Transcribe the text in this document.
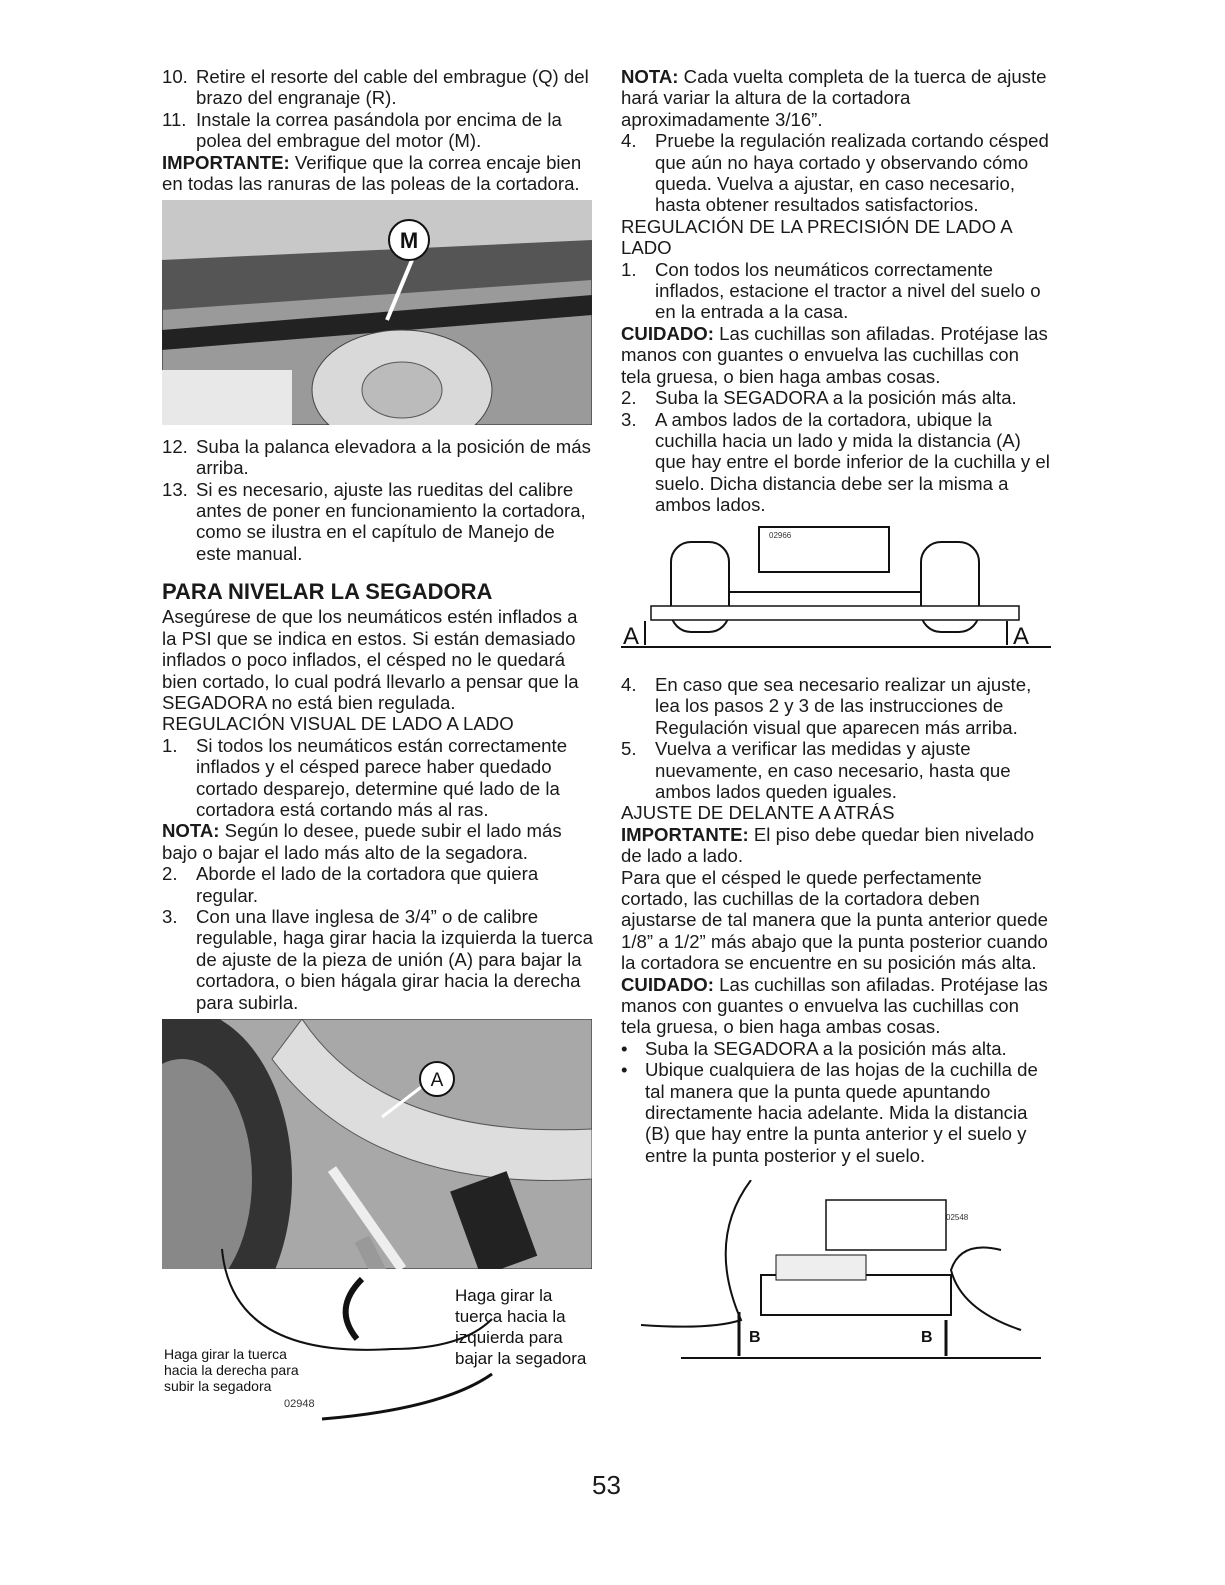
10. Retire el resorte del cable del embrague (Q) del brazo del engranaje (R).
11. Instale la correa pasándola por encima de la polea del embrague del motor (M).

IMPORTANTE: Verifique que la correa encaje bien en todas las ranuras de las poleas de la cortadora.

M
12. Suba la palanca elevadora a la posición de más arriba.
13. Si es necesario, ajuste las rueditas del calibre antes de poner en funcionamiento la cortadora, como se ilustra en el capítulo de Manejo de este manual.
PARA NIVELAR LA SEGADORA

Asegúrese de que los neumáticos estén inflados a la PSI que se indica en estos. Si están demasiado inflados o poco inflados, el césped no le quedará bien cortado, lo cual podrá llevarlo a pensar que la SEGADORA no está bien regulada.

REGULACIÓN VISUAL DE LADO A LADO

1. Si todos los neumáticos están correctamente inflados y el césped parece haber quedado cortado desparejo, determine qué lado de la cortadora está cortando más al ras.

NOTA: Según lo desee, puede subir el lado más bajo o bajar el lado más alto de la segadora.

2. Aborde el lado de la cortadora que quiera regular.
3. Con una llave inglesa de 3/4” o de calibre regulable, haga girar hacia la izquierda la tuerca de ajuste de la pieza de unión (A) para bajar la cortadora, o bien hágala girar hacia la derecha para subirla.
A
Haga girar la tuerca
hacia la derecha para
subir la segadora
Haga girar la
tuerca hacia la
izquierda para
bajar la segadora
02948

NOTA: Cada vuelta completa de la tuerca de ajuste hará variar la altura de la cortadora aproximadamente 3/16”.

4. Pruebe la regulación realizada cortando césped que aún no haya cortado y observando cómo queda. Vuelva a ajustar, en caso necesario, hasta obtener resultados satisfactorios.

REGULACIÓN DE LA PRECISIÓN DE LADO A LADO

1. Con todos los neumáticos correctamente inflados, estacione el tractor a nivel del suelo o en la entrada a la casa.

CUIDADO: Las cuchillas son afiladas. Protéjase las manos con guantes o envuelva las cuchillas con tela gruesa, o bien haga ambas cosas.

2. Suba la SEGADORA a la posición más alta.
3. A ambos lados de la cortadora, ubique la cuchilla hacia un lado y mida la distancia (A) que hay entre el borde inferior de la cuchilla y el suelo. Dicha distancia debe ser la misma a ambos lados.
A	A
02966
4. En caso que sea necesario realizar un ajuste, lea los pasos 2 y 3 de las instrucciones de Regulación visual que aparecen más arriba.
5. Vuelva a verificar las medidas y ajuste nuevamente, en caso necesario, hasta que ambos lados queden iguales.

AJUSTE DE DELANTE A ATRÁS

IMPORTANTE: El piso debe quedar bien nivelado de lado a lado.

Para que el césped le quede perfectamente cortado, las cuchillas de la cortadora deben ajustarse de tal manera que la punta anterior quede 1/8” a 1/2” más abajo que la punta posterior cuando la cortadora se encuentre en su posición más alta.

CUIDADO: Las cuchillas son afiladas. Protéjase las manos con guantes o envuelva las cuchillas con tela gruesa, o bien haga ambas cosas.

• Suba la SEGADORA a la posición más alta.
• Ubique cualquiera de las hojas de la cuchilla de tal manera que la punta quede apuntando directamente hacia adelante. Mida la distancia (B) que hay entre la punta anterior y el suelo y entre la punta posterior y el suelo.
B	B
02548
53
